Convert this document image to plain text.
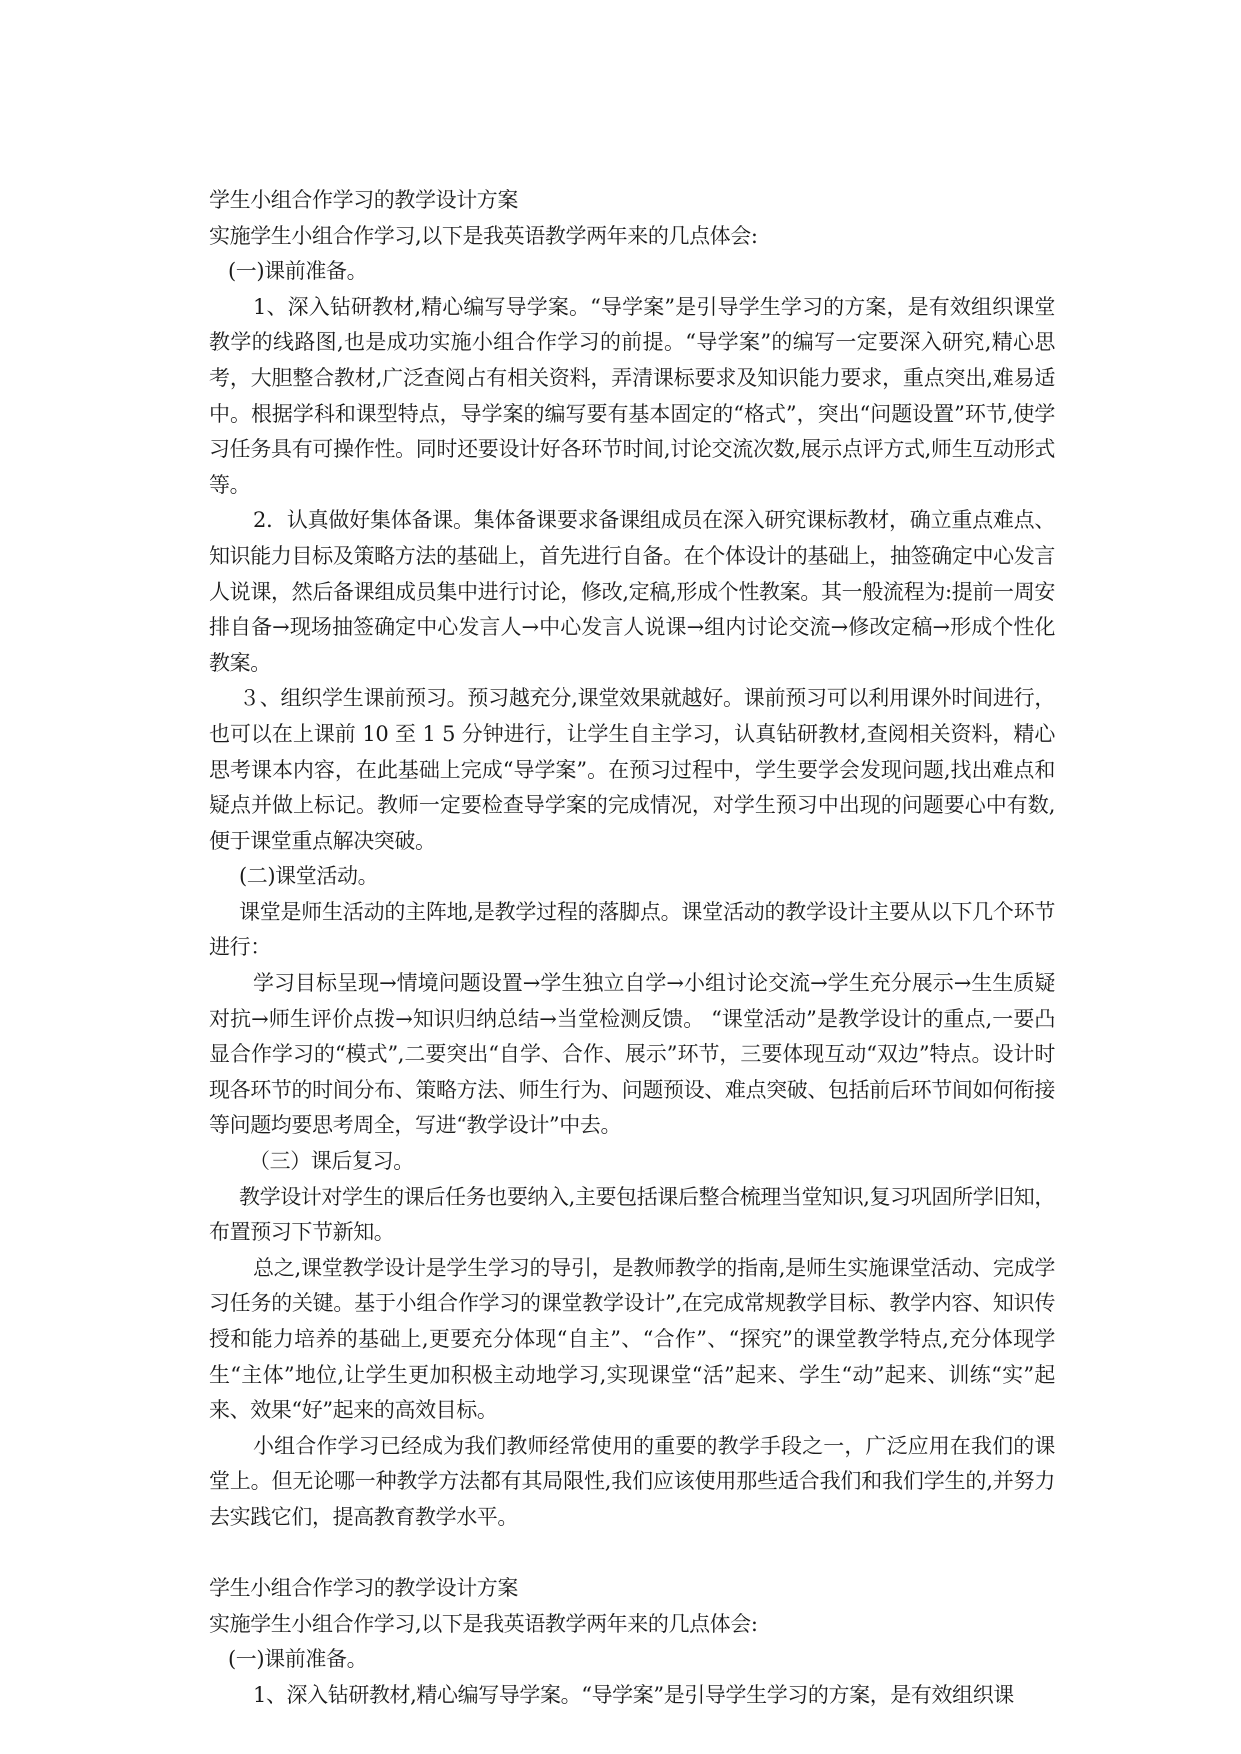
学生小组合作学习的教学设计方案

实施学生小组合作学习,以下是我英语教学两年来的几点体会:

(一)课前准备。

1、深入钻研教材,精心编写导学案。“导学案”是引导学生学习的方案，是有效组织课堂教学的线路图,也是成功实施小组合作学习的前提。“导学案”的编写一定要深入研究,精心思考，大胆整合教材,广泛查阅占有相关资料，弄清课标要求及知识能力要求，重点突出,难易适中。根据学科和课型特点，导学案的编写要有基本固定的“格式”，突出“问题设置”环节,使学习任务具有可操作性。同时还要设计好各环节时间,讨论交流次数,展示点评方式,师生互动形式等。

2．认真做好集体备课。集体备课要求备课组成员在深入研究课标教材，确立重点难点、知识能力目标及策略方法的基础上，首先进行自备。在个体设计的基础上，抽签确定中心发言人说课，然后备课组成员集中进行讨论，修改,定稿,形成个性教案。其一般流程为:提前一周安排自备→现场抽签确定中心发言人→中心发言人说课→组内讨论交流→修改定稿→形成个性化教案。

３、组织学生课前预习。预习越充分,课堂效果就越好。课前预习可以利用课外时间进行，也可以在上课前 10 至 1 5 分钟进行，让学生自主学习，认真钻研教材,查阅相关资料，精心思考课本内容，在此基础上完成“导学案”。在预习过程中，学生要学会发现问题,找出难点和疑点并做上标记。教师一定要检查导学案的完成情况，对学生预习中出现的问题要心中有数,便于课堂重点解决突破。

(二)课堂活动。

课堂是师生活动的主阵地,是教学过程的落脚点。课堂活动的教学设计主要从以下几个环节进行：

学习目标呈现→情境问题设置→学生独立自学→小组讨论交流→学生充分展示→生生质疑对抗→师生评价点拨→知识归纳总结→当堂检测反馈。 “课堂活动”是教学设计的重点,一要凸显合作学习的“模式”,二要突出“自学、合作、展示”环节，三要体现互动“双边”特点。设计时现各环节的时间分布、策略方法、师生行为、问题预设、难点突破、包括前后环节间如何衔接等问题均要思考周全，写进“教学设计”中去。

（三）课后复习。

教学设计对学生的课后任务也要纳入,主要包括课后整合梳理当堂知识,复习巩固所学旧知，布置预习下节新知。

总之,课堂教学设计是学生学习的导引，是教师教学的指南,是师生实施课堂活动、完成学习任务的关键。基于小组合作学习的课堂教学设计”,在完成常规教学目标、教学内容、知识传授和能力培养的基础上,更要充分体现“自主”、“合作”、“探究”的课堂教学特点,充分体现学生“主体”地位,让学生更加积极主动地学习,实现课堂“活”起来、学生“动”起来、训练“实”起来、效果“好”起来的高效目标。

小组合作学习已经成为我们教师经常使用的重要的教学手段之一，广泛应用在我们的课堂上。但无论哪一种教学方法都有其局限性,我们应该使用那些适合我们和我们学生的,并努力去实践它们，提高教育教学水平。

学生小组合作学习的教学设计方案

实施学生小组合作学习,以下是我英语教学两年来的几点体会:

(一)课前准备。

1、深入钻研教材,精心编写导学案。“导学案”是引导学生学习的方案，是有效组织课
